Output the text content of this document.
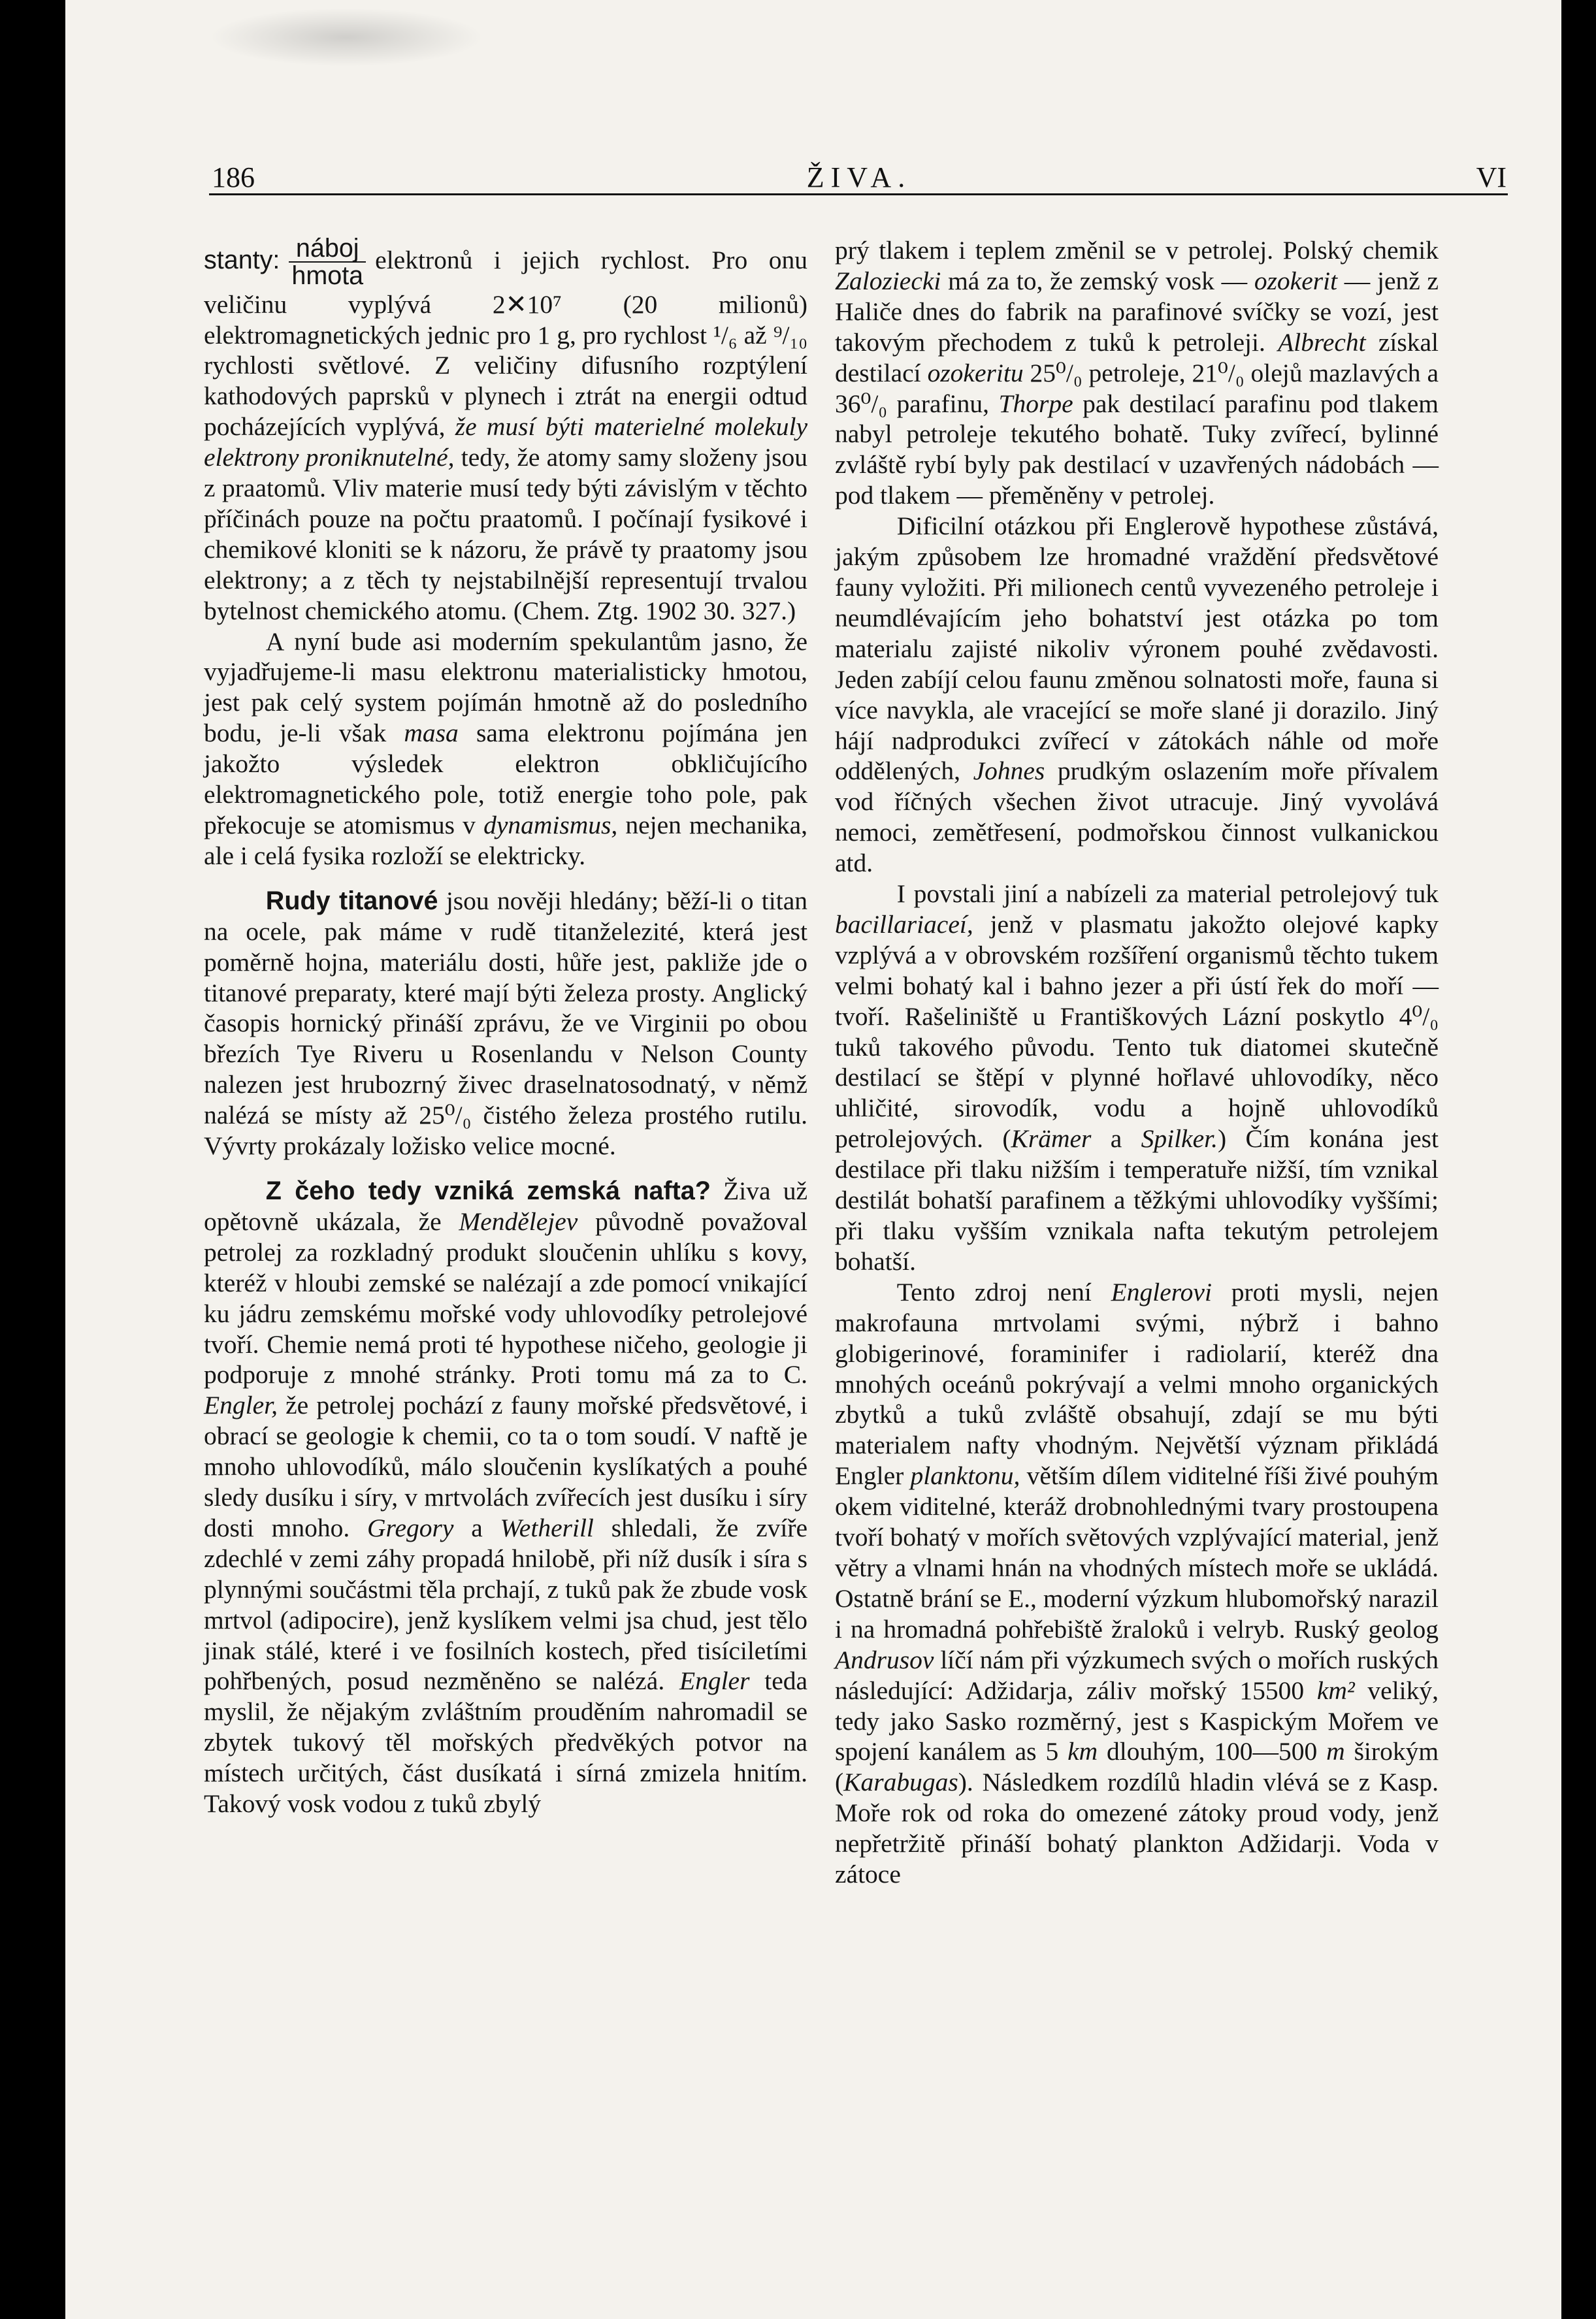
186	ŽIVA.	VI

stanty: $\frac{\text{náboj}}{\text{hmota}}$ elektronů i jejich rychlost. Pro onu veličinu vyplývá 2✕10⁷ (20 milionů) elektromagnetických jednic pro 1 g, pro rychlost ¹/₆ až ⁹/₁₀ rychlosti světlové. Z veličiny difusního rozptýlení kathodových paprsků v plynech i ztrát na energii odtud pocházejících vyplývá, že musí býti materielné molekuly elektrony proniknutelné, tedy, že atomy samy složeny jsou z praatomů. Vliv materie musí tedy býti závislým v těchto příčinách pouze na počtu praatomů. I počínají fysikové i chemikové kloniti se k názoru, že právě ty praatomy jsou elektrony; a z těch ty nejstabilnější representují trvalou bytelnost chemického atomu. (Chem. Ztg. 1902 30. 327.)

A nyní bude asi moderním spekulantům jasno, že vyjadřujeme-li masu elektronu materialisticky hmotou, jest pak celý system pojímán hmotně až do posledního bodu, je-li však masa sama elektronu pojímána jen jakožto výsledek elektron obkličujícího elektromagnetického pole, totiž energie toho pole, pak překocuje se atomismus v dynamismus, nejen mechanika, ale i celá fysika rozloží se elektricky.

Rudy titanové jsou nověji hledány; běží-li o titan na ocele, pak máme v rudě titanželezité, která jest poměrně hojna, materiálu dosti, hůře jest, pakliže jde o titanové preparaty, které mají býti železa prosty. Anglický časopis hornický přináší zprávu, že ve Virginii po obou březích Tye Riveru u Rosenlandu v Nelson County nalezen jest hrubozrný živec draselnatosodnatý, v němž nalézá se místy až 25⁰/₀ čistého železa prostého rutilu. Vývrty prokázaly ložisko velice mocné.

Z čeho tedy vzniká zemská nafta? Živa už opětovně ukázala, že Mendělejev původně považoval petrolej za rozkladný produkt sloučenin uhlíku s kovy, kteréž v hloubi zemské se nalézají a zde pomocí vnikající ku jádru zemskému mořské vody uhlovodíky petrolejové tvoří. Chemie nemá proti té hypothese ničeho, geologie ji podporuje z mnohé stránky. Proti tomu má za to C. Engler, že petrolej pochází z fauny mořské předsvětové, i obrací se geologie k chemii, co ta o tom soudí. V naftě je mnoho uhlovodíků, málo sloučenin kyslíkatých a pouhé sledy dusíku i síry, v mrtvolách zvířecích jest dusíku i síry dosti mnoho. Gregory a Wetherill shledali, že zvíře zdechlé v zemi záhy propadá hnilobě, při níž dusík i síra s plynnými součástmi těla prchají, z tuků pak že zbude vosk mrtvol (adipocire), jenž kyslíkem velmi jsa chud, jest tělo jinak stálé, které i ve fosilních kostech, před tisíciletími pohřbených, posud nezměněno se nalézá. Engler teda myslil, že nějakým zvláštním prouděním nahromadil se zbytek tukový těl mořských předvěkých potvor na místech určitých, část dusíkatá i sírná zmizela hnitím. Takový vosk vodou z tuků zbylý

prý tlakem i teplem změnil se v petrolej. Polský chemik Zaloziecki má za to, že zemský vosk — ozokerit — jenž z Haliče dnes do fabrik na parafinové svíčky se vozí, jest takovým přechodem z tuků k petroleji. Albrecht získal destilací ozokeritu 25⁰/₀ petroleje, 21⁰/₀ olejů mazlavých a 36⁰/₀ parafinu, Thorpe pak destilací parafinu pod tlakem nabyl petroleje tekutého bohatě. Tuky zvířecí, bylinné zvláště rybí byly pak destilací v uzavřených nádobách — pod tlakem — přeměněny v petrolej.

Dificilní otázkou při Englerově hypothese zůstává, jakým způsobem lze hromadné vraždění předsvětové fauny vyložiti. Při milionech centů vyvezeného petroleje i neumdlévajícím jeho bohatství jest otázka po tom materialu zajisté nikoliv výronem pouhé zvědavosti. Jeden zabíjí celou faunu změnou solnatosti moře, fauna si více navykla, ale vracející se moře slané ji dorazilo. Jiný hájí nadprodukci zvířecí v zátokách náhle od moře oddělených, Johnes prudkým oslazením moře přívalem vod říčných všechen život utracuje. Jiný vyvolává nemoci, zemětřesení, podmořskou činnost vulkanickou atd.

I povstali jiní a nabízeli za material petrolejový tuk bacillariaceí, jenž v plasmatu jakožto olejové kapky vzplývá a v obrovském rozšíření organismů těchto tukem velmi bohatý kal i bahno jezer a při ústí řek do moří — tvoří. Rašeliniště u Františkových Lázní poskytlo 4⁰/₀ tuků takového původu. Tento tuk diatomei skutečně destilací se štěpí v plynné hořlavé uhlovodíky, něco uhličité, sirovodík, vodu a hojně uhlovodíků petrolejových. (Krämer a Spilker.) Čím konána jest destilace při tlaku nižším i temperatuře nižší, tím vznikal destilát bohatší parafinem a těžkými uhlovodíky vyššími; při tlaku vyšším vznikala nafta tekutým petrolejem bohatší.

Tento zdroj není Englerovi proti mysli, nejen makrofauna mrtvolami svými, nýbrž i bahno globigerinové, foraminifer i radiolarií, kteréž dna mnohých oceánů pokrývají a velmi mnoho organických zbytků a tuků zvláště obsahují, zdají se mu býti materialem nafty vhodným. Největší význam přikládá Engler planktonu, větším dílem viditelné říši živé pouhým okem viditelné, kteráž drobnohlednými tvary prostoupena tvoří bohatý v mořích světových vzplývající material, jenž větry a vlnami hnán na vhodných místech moře se ukládá. Ostatně brání se E., moderní výzkum hlubomořský narazil i na hromadná pohřebiště žraloků i velryb. Ruský geolog Andrusov líčí nám při výzkumech svých o mořích ruských následující: Adžidarja, záliv mořský 15500 km² veliký, tedy jako Sasko rozměrný, jest s Kaspickým Mořem ve spojení kanálem as 5 km dlouhým, 100—500 m širokým (Karabugas). Následkem rozdílů hladin vlévá se z Kasp. Moře rok od roka do omezené zátoky proud vody, jenž nepřetržitě přináší bohatý plankton Adžidarji. Voda v zátoce
